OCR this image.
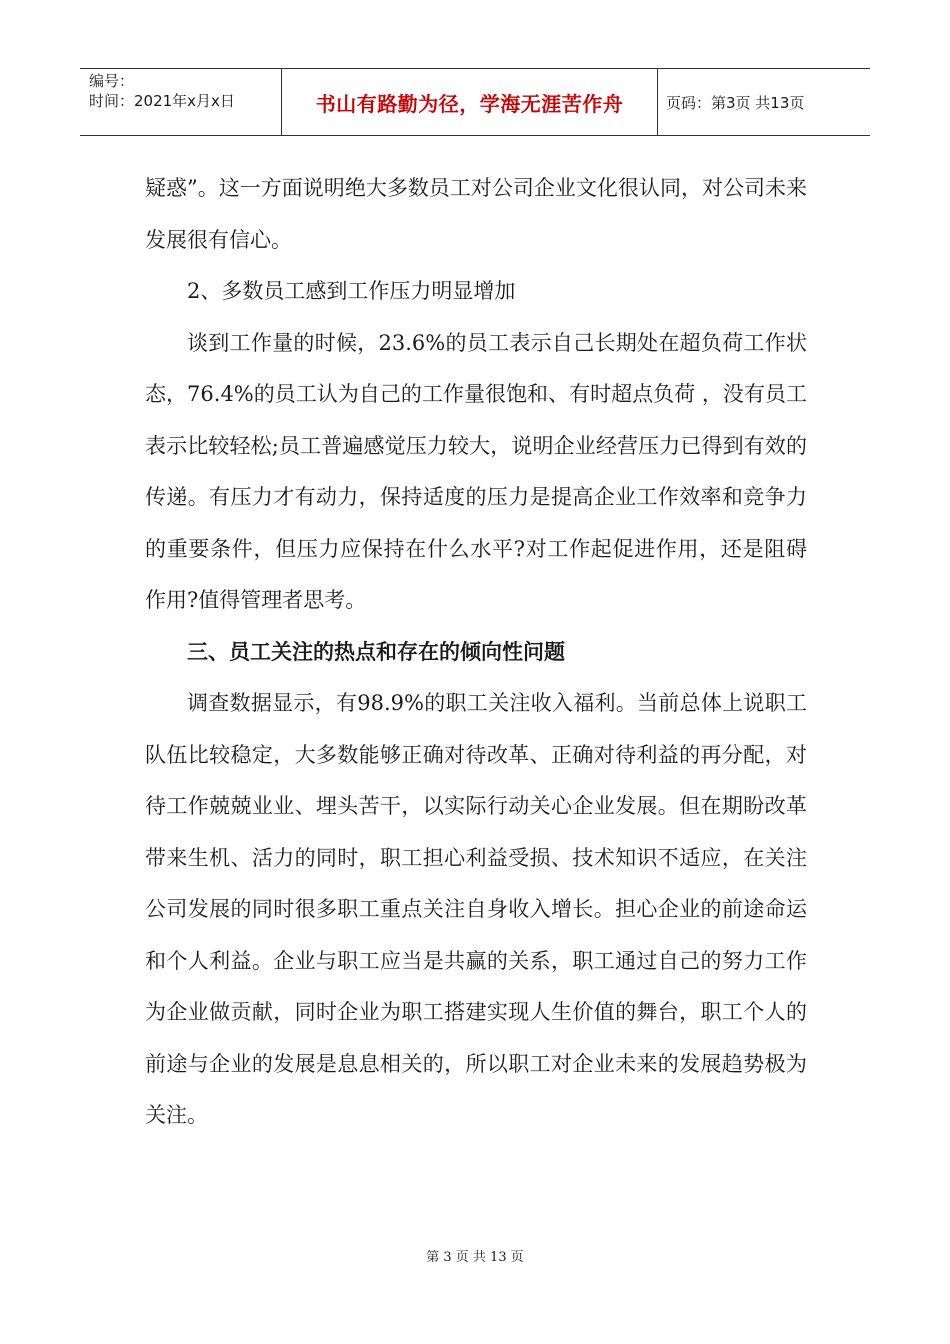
编号：
时间：2021年x月x日	书山有路勤为径，学海无涯苦作舟	页码：第3页 共13页

疑惑”。这一方面说明绝大多数员工对公司企业文化很认同，对公司未来发展很有信心。

2、多数员工感到工作压力明显增加

谈到工作量的时候，23.6%的员工表示自己长期处在超负荷工作状态，76.4%的员工认为自己的工作量很饱和、有时超点负荷 ，没有员工表示比较轻松;员工普遍感觉压力较大，说明企业经营压力已得到有效的传递。有压力才有动力，保持适度的压力是提高企业工作效率和竞争力的重要条件，但压力应保持在什么水平?对工作起促进作用，还是阻碍作用?值得管理者思考。

三、员工关注的热点和存在的倾向性问题

调查数据显示，有98.9%的职工关注收入福利。当前总体上说职工队伍比较稳定，大多数能够正确对待改革、正确对待利益的再分配，对待工作兢兢业业、埋头苦干，以实际行动关心企业发展。但在期盼改革带来生机、活力的同时，职工担心利益受损、技术知识不适应，在关注公司发展的同时很多职工重点关注自身收入增长。担心企业的前途命运和个人利益。企业与职工应当是共赢的关系，职工通过自己的努力工作为企业做贡献，同时企业为职工搭建实现人生价值的舞台，职工个人的前途与企业的发展是息息相关的，所以职工对企业未来的发展趋势极为关注。

第 3 页 共 13 页
